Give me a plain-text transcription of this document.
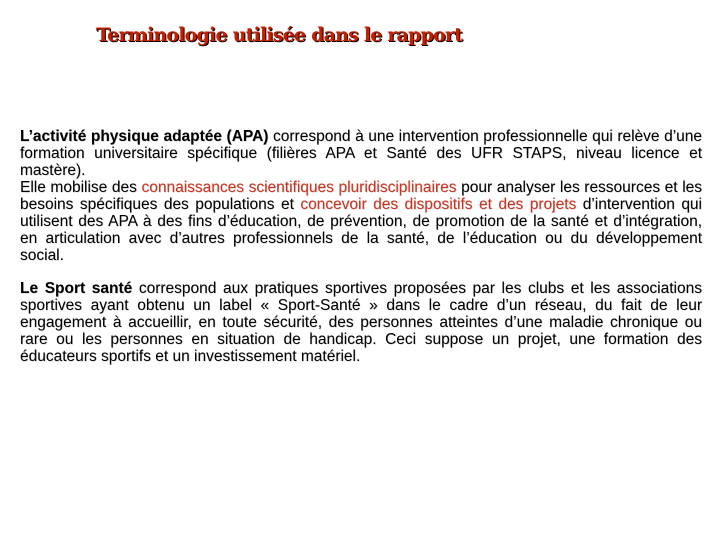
Terminologie utilisée dans le rapport

L’activité physique adaptée (APA) correspond à une intervention professionnelle qui relève d’une formation universitaire spécifique (filières APA et Santé des UFR STAPS, niveau licence et mastère).

Elle mobilise des connaissances scientifiques pluridisciplinaires pour analyser les ressources et les besoins spécifiques des populations et concevoir des dispositifs et des projets d’intervention qui utilisent des APA à des fins d’éducation, de prévention, de promotion de la santé et d’intégration, en articulation avec d’autres professionnels de la santé, de l’éducation ou du développement social.

Le Sport santé correspond aux pratiques sportives proposées par les clubs et les associations sportives ayant obtenu un label « Sport-Santé » dans le cadre d’un réseau, du fait de leur engagement à accueillir, en toute sécurité, des personnes atteintes d’une maladie chronique ou rare ou les personnes en situation de handicap. Ceci suppose un projet, une formation des éducateurs sportifs et un investissement matériel.
